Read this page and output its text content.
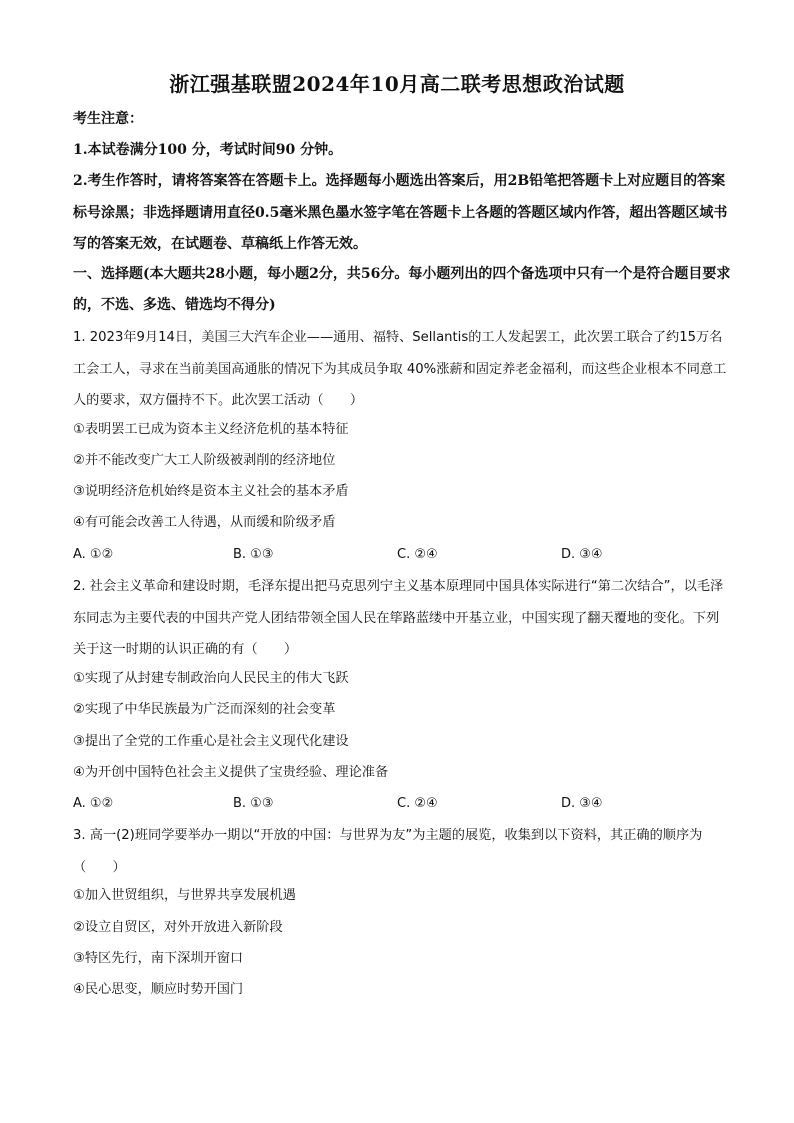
浙江强基联盟2024年10月高二联考思想政治试题

考生注意：

1.本试卷满分100 分，考试时间90 分钟。

2.考生作答时，请将答案答在答题卡上。选择题每小题选出答案后，用2B铅笔把答题卡上对应题目的答案标号涂黑；非选择题请用直径0.5毫米黑色墨水签字笔在答题卡上各题的答题区域内作答，超出答题区域书写的答案无效，在试题卷、草稿纸上作答无效。

一、选择题(本大题共28小题，每小题2分，共56分。每小题列出的四个备选项中只有一个是符合题目要求的，不选、多选、错选均不得分)

1. 2023年9月14日，美国三大汽车企业——通用、福特、Sellantis的工人发起罢工，此次罢工联合了约15万名工会工人，寻求在当前美国高通胀的情况下为其成员争取 40%涨薪和固定养老金福利，而这些企业根本不同意工人的要求，双方僵持不下。此次罢工活动（　　）

①表明罢工已成为资本主义经济危机的基本特征

②并不能改变广大工人阶级被剥削的经济地位

③说明经济危机始终是资本主义社会的基本矛盾

④有可能会改善工人待遇，从而缓和阶级矛盾

A. ①②	B. ①③	C. ②④	D. ③④

2. 社会主义革命和建设时期，毛泽东提出把马克思列宁主义基本原理同中国具体实际进行“第二次结合”，以毛泽东同志为主要代表的中国共产党人团结带领全国人民在筚路蓝缕中开基立业，中国实现了翻天覆地的变化。下列关于这一时期的认识正确的有（　　）

①实现了从封建专制政治向人民民主的伟大飞跃

②实现了中华民族最为广泛而深刻的社会变革

③提出了全党的工作重心是社会主义现代化建设

④为开创中国特色社会主义提供了宝贵经验、理论准备

A. ①②	B. ①③	C. ②④	D. ③④

3. 高一(2)班同学要举办一期以“开放的中国：与世界为友”为主题的展览，收集到以下资料，其正确的顺序为（　　）

①加入世贸组织，与世界共享发展机遇

②设立自贸区，对外开放进入新阶段

③特区先行，南下深圳开窗口

④民心思变，顺应时势开国门
